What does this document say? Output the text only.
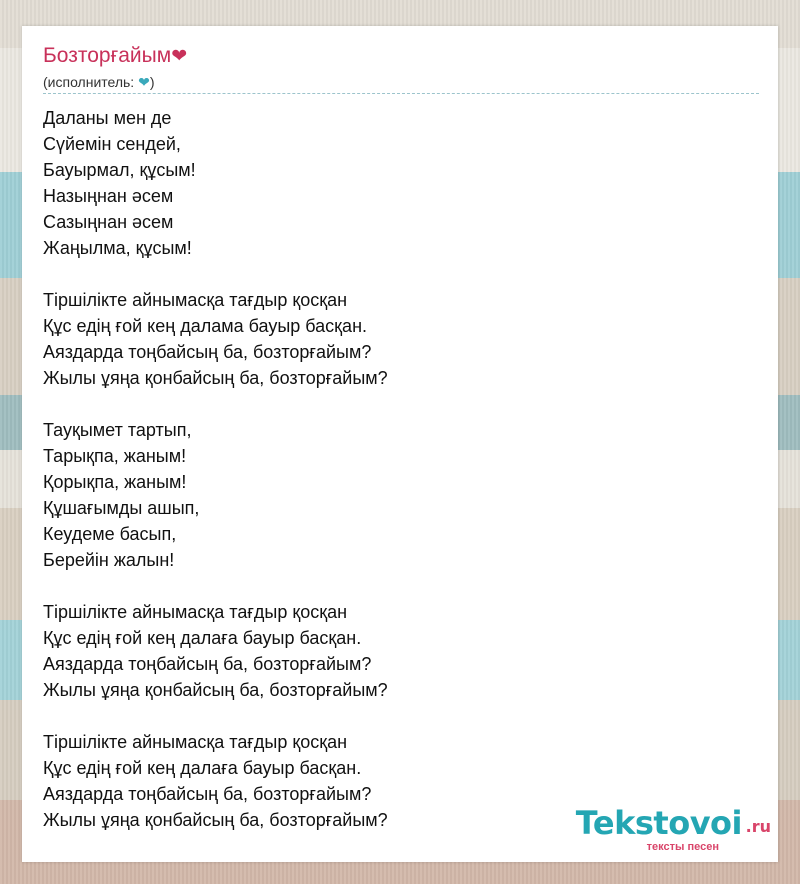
Бозторғайым❤
(исполнитель: ❤)
Даланы мен де
Сүйемін сендей,
Бауырмал, құсым!
Назыңнан әсем
Сазыңнан әсем
Жаңылма, құсым!
Тіршілікте айнымасқа тағдыр қосқан
Құс едің ғой кең далама бауыр басқан.
Аяздарда тоңбайсың ба, бозторғайым?
Жылы ұяңа қонбайсың ба, бозторғайым?
Тауқымет тартып,
Тарықпа, жаным!
Қорықпа, жаным!
Құшағымды ашып,
Кеудеме басып,
Берейін жалын!
Тіршілікте айнымасқа тағдыр қосқан
Құс едің ғой кең далаға бауыр басқан.
Аяздарда тоңбайсың ба, бозторғайым?
Жылы ұяңа қонбайсың ба, бозторғайым?
Тіршілікте айнымасқа тағдыр қосқан
Құс едің ғой кең далаға бауыр басқан.
Аяздарда тоңбайсың ба, бозторғайым?
Жылы ұяңа қонбайсың ба, бозторғайым?	Tekstovoi .ru
тексты песен
